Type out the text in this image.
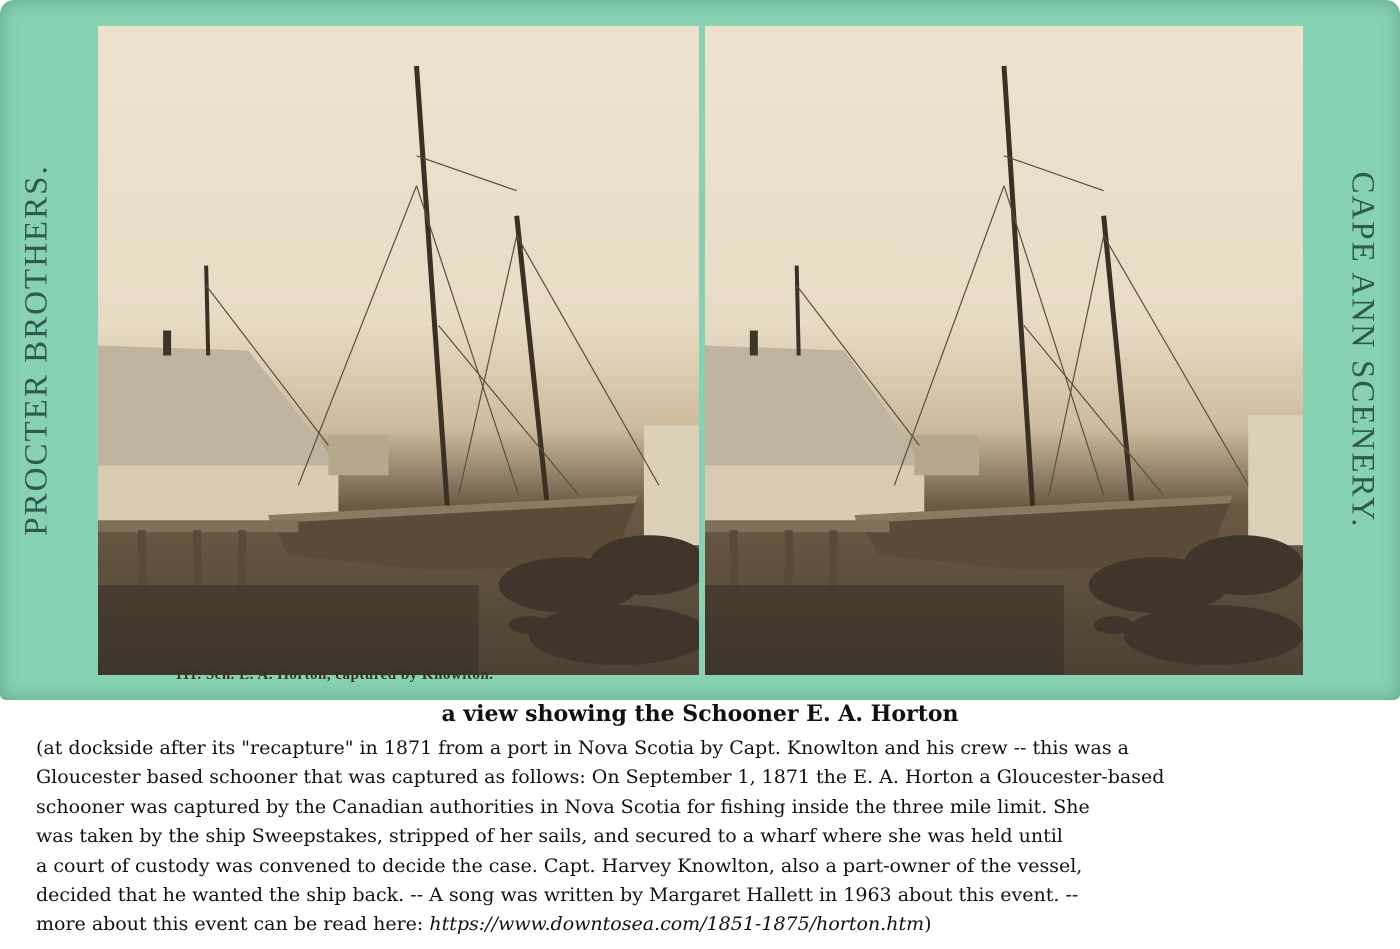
PROCTER BROTHERS.	CAPE ANN SCENERY.
111. Sch. E. A. Horton, captured by Knowlton.
a view showing the Schooner E. A. Horton
(at dockside after its "recapture" in 1871 from a port in Nova Scotia by Capt. Knowlton and his crew -- this was a
Gloucester based schooner that was captured as follows: On September 1, 1871 the E. A. Horton a Gloucester-based
schooner was captured by the Canadian authorities in Nova Scotia for fishing inside the three mile limit. She
was taken by the ship Sweepstakes, stripped of her sails, and secured to a wharf where she was held until
a court of custody was convened to decide the case. Capt. Harvey Knowlton, also a part-owner of the vessel,
decided that he wanted the ship back. -- A song was written by Margaret Hallett in 1963 about this event. --
more about this event can be read here: https://www.downtosea.com/1851-1875/horton.htm)
